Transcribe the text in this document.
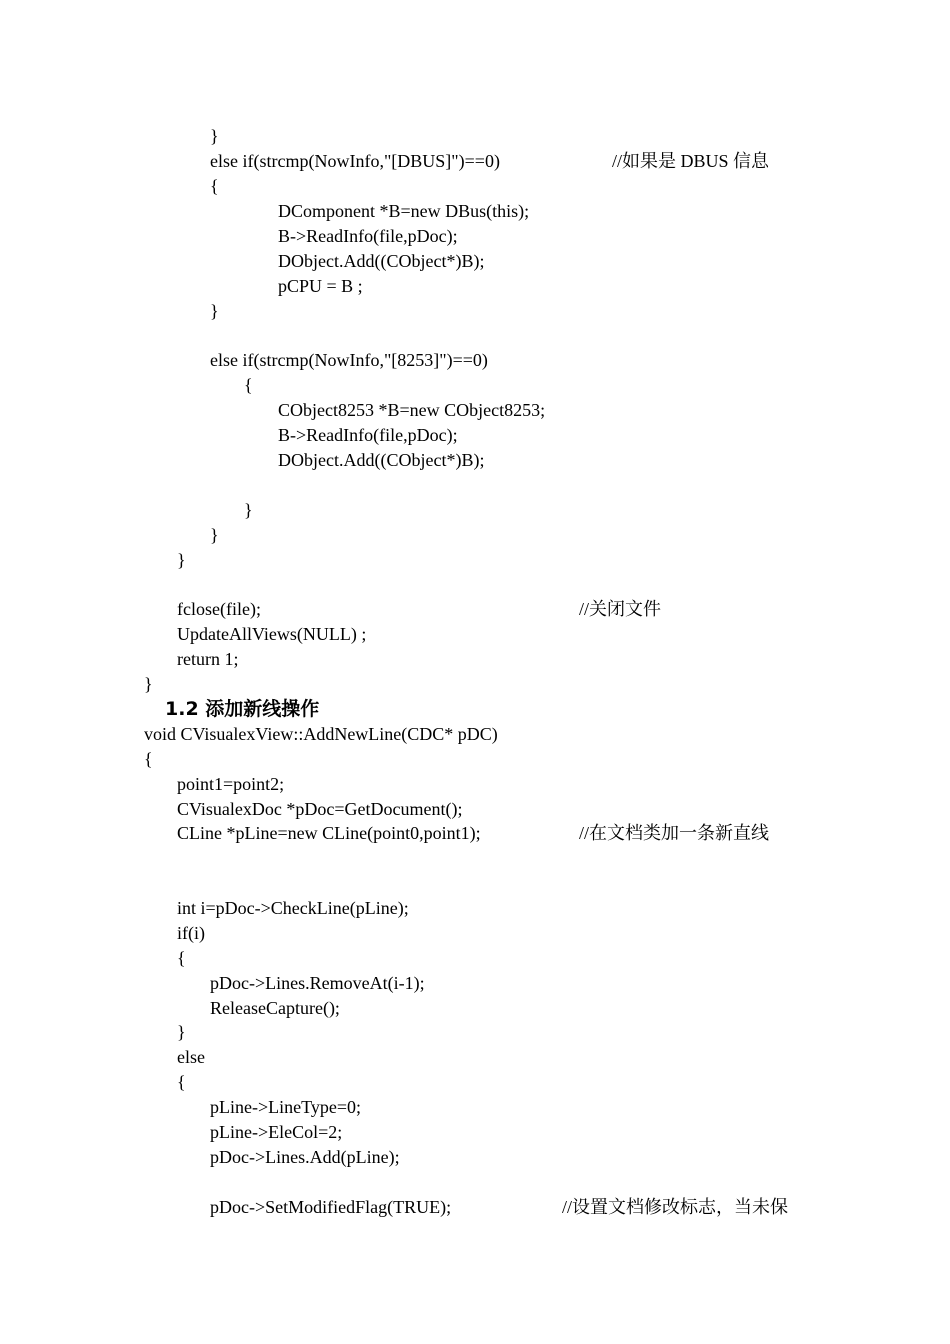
}
else if(strcmp(NowInfo,"[DBUS]")==0)	//如果是 DBUS 信息
{
DComponent *B=new DBus(this);
B->ReadInfo(file,pDoc);
DObject.Add((CObject*)B);
pCPU = B ;
}
else if(strcmp(NowInfo,"[8253]")==0)
{
CObject8253 *B=new CObject8253;
B->ReadInfo(file,pDoc);
DObject.Add((CObject*)B);
}
}
}
fclose(file);	//关闭文件
UpdateAllViews(NULL) ;
return 1;
}
1.2 添加新线操作
void CVisualexView::AddNewLine(CDC* pDC)
{
point1=point2;
CVisualexDoc *pDoc=GetDocument();
CLine *pLine=new CLine(point0,point1);	//在文档类加一条新直线
int i=pDoc->CheckLine(pLine);
if(i)
{
pDoc->Lines.RemoveAt(i-1);
ReleaseCapture();
}
else
{
pLine->LineType=0;
pLine->EleCol=2;
pDoc->Lines.Add(pLine);
pDoc->SetModifiedFlag(TRUE);	//设置文档修改标志，当未保
